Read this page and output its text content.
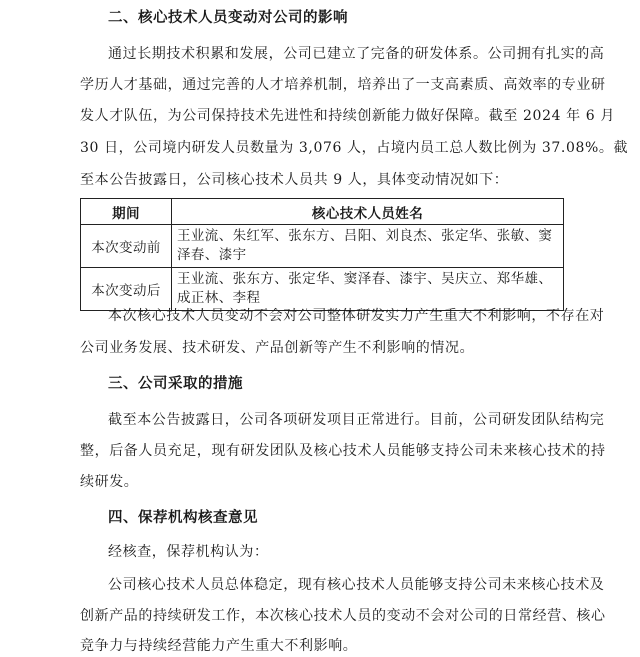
二、核心技术人员变动对公司的影响
通过长期技术积累和发展，公司已建立了完备的研发体系。公司拥有扎实的高
学历人才基础，通过完善的人才培养机制，培养出了一支高素质、高效率的专业研
发人才队伍，为公司保持技术先进性和持续创新能力做好保障。截至 2024 年 6 月
30 日，公司境内研发人员数量为 3,076 人，占境内员工总人数比例为 37.08%。截
至本公告披露日，公司核心技术人员共 9 人，具体变动情况如下：
期间	核心技术人员姓名
本次变动前	王业流、朱红军、张东方、吕阳、刘良杰、张定华、张敏、窦泽春、漆宇
本次变动后	王业流、张东方、张定华、窦泽春、漆宇、吴庆立、郑华雄、成正林、李程
本次核心技术人员变动不会对公司整体研发实力产生重大不利影响，不存在对
公司业务发展、技术研发、产品创新等产生不利影响的情况。
三、公司采取的措施
截至本公告披露日，公司各项研发项目正常进行。目前，公司研发团队结构完
整，后备人员充足，现有研发团队及核心技术人员能够支持公司未来核心技术的持
续研发。
四、保荐机构核查意见
经核查，保荐机构认为：
公司核心技术人员总体稳定，现有核心技术人员能够支持公司未来核心技术及
创新产品的持续研发工作，本次核心技术人员的变动不会对公司的日常经营、核心
竞争力与持续经营能力产生重大不利影响。
